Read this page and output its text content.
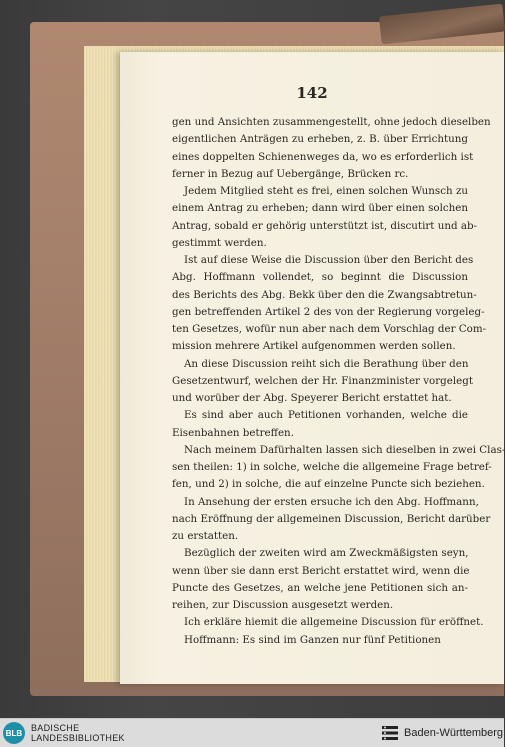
142
gen und Ansichten zusammengestellt, ohne jedoch dieselben
eigentlichen Anträgen zu erheben, z. B. über Errichtung
eines doppelten Schienenweges da, wo es erforderlich ist
ferner in Bezug auf Uebergänge, Brücken rc.
Jedem Mitglied steht es frei, einen solchen Wunsch zu
einem Antrag zu erheben; dann wird über einen solchen
Antrag, sobald er gehörig unterstützt ist, discutirt und ab-
gestimmt werden.
Ist auf diese Weise die Discussion über den Bericht des
Abg. Hoffmann vollendet, so beginnt die Discussion
des Berichts des Abg. Bekk über den die Zwangsabtretun-
gen betreffenden Artikel 2 des von der Regierung vorgeleg-
ten Gesetzes, wofür nun aber nach dem Vorschlag der Com-
mission mehrere Artikel aufgenommen werden sollen.
An diese Discussion reiht sich die Berathung über den
Gesetzentwurf, welchen der Hr. Finanzminister vorgelegt
und worüber der Abg. Speyerer Bericht erstattet hat.
Es sind aber auch Petitionen vorhanden, welche die
Eisenbahnen betreffen.
Nach meinem Dafürhalten lassen sich dieselben in zwei Clas-
sen theilen: 1) in solche, welche die allgemeine Frage betref-
fen, und 2) in solche, die auf einzelne Puncte sich beziehen.
In Ansehung der ersten ersuche ich den Abg. Hoffmann,
nach Eröffnung der allgemeinen Discussion, Bericht darüber
zu erstatten.
Bezüglich der zweiten wird am Zweckmäßigsten seyn,
wenn über sie dann erst Bericht erstattet wird, wenn die
Puncte des Gesetzes, an welche jene Petitionen sich an-
reihen, zur Discussion ausgesetzt werden.
Ich erkläre hiemit die allgemeine Discussion für eröffnet.
Hoffmann: Es sind im Ganzen nur fünf Petitionen
BLB BADISCHE
LANDESBIBLIOTHEK	Baden-Württemberg
